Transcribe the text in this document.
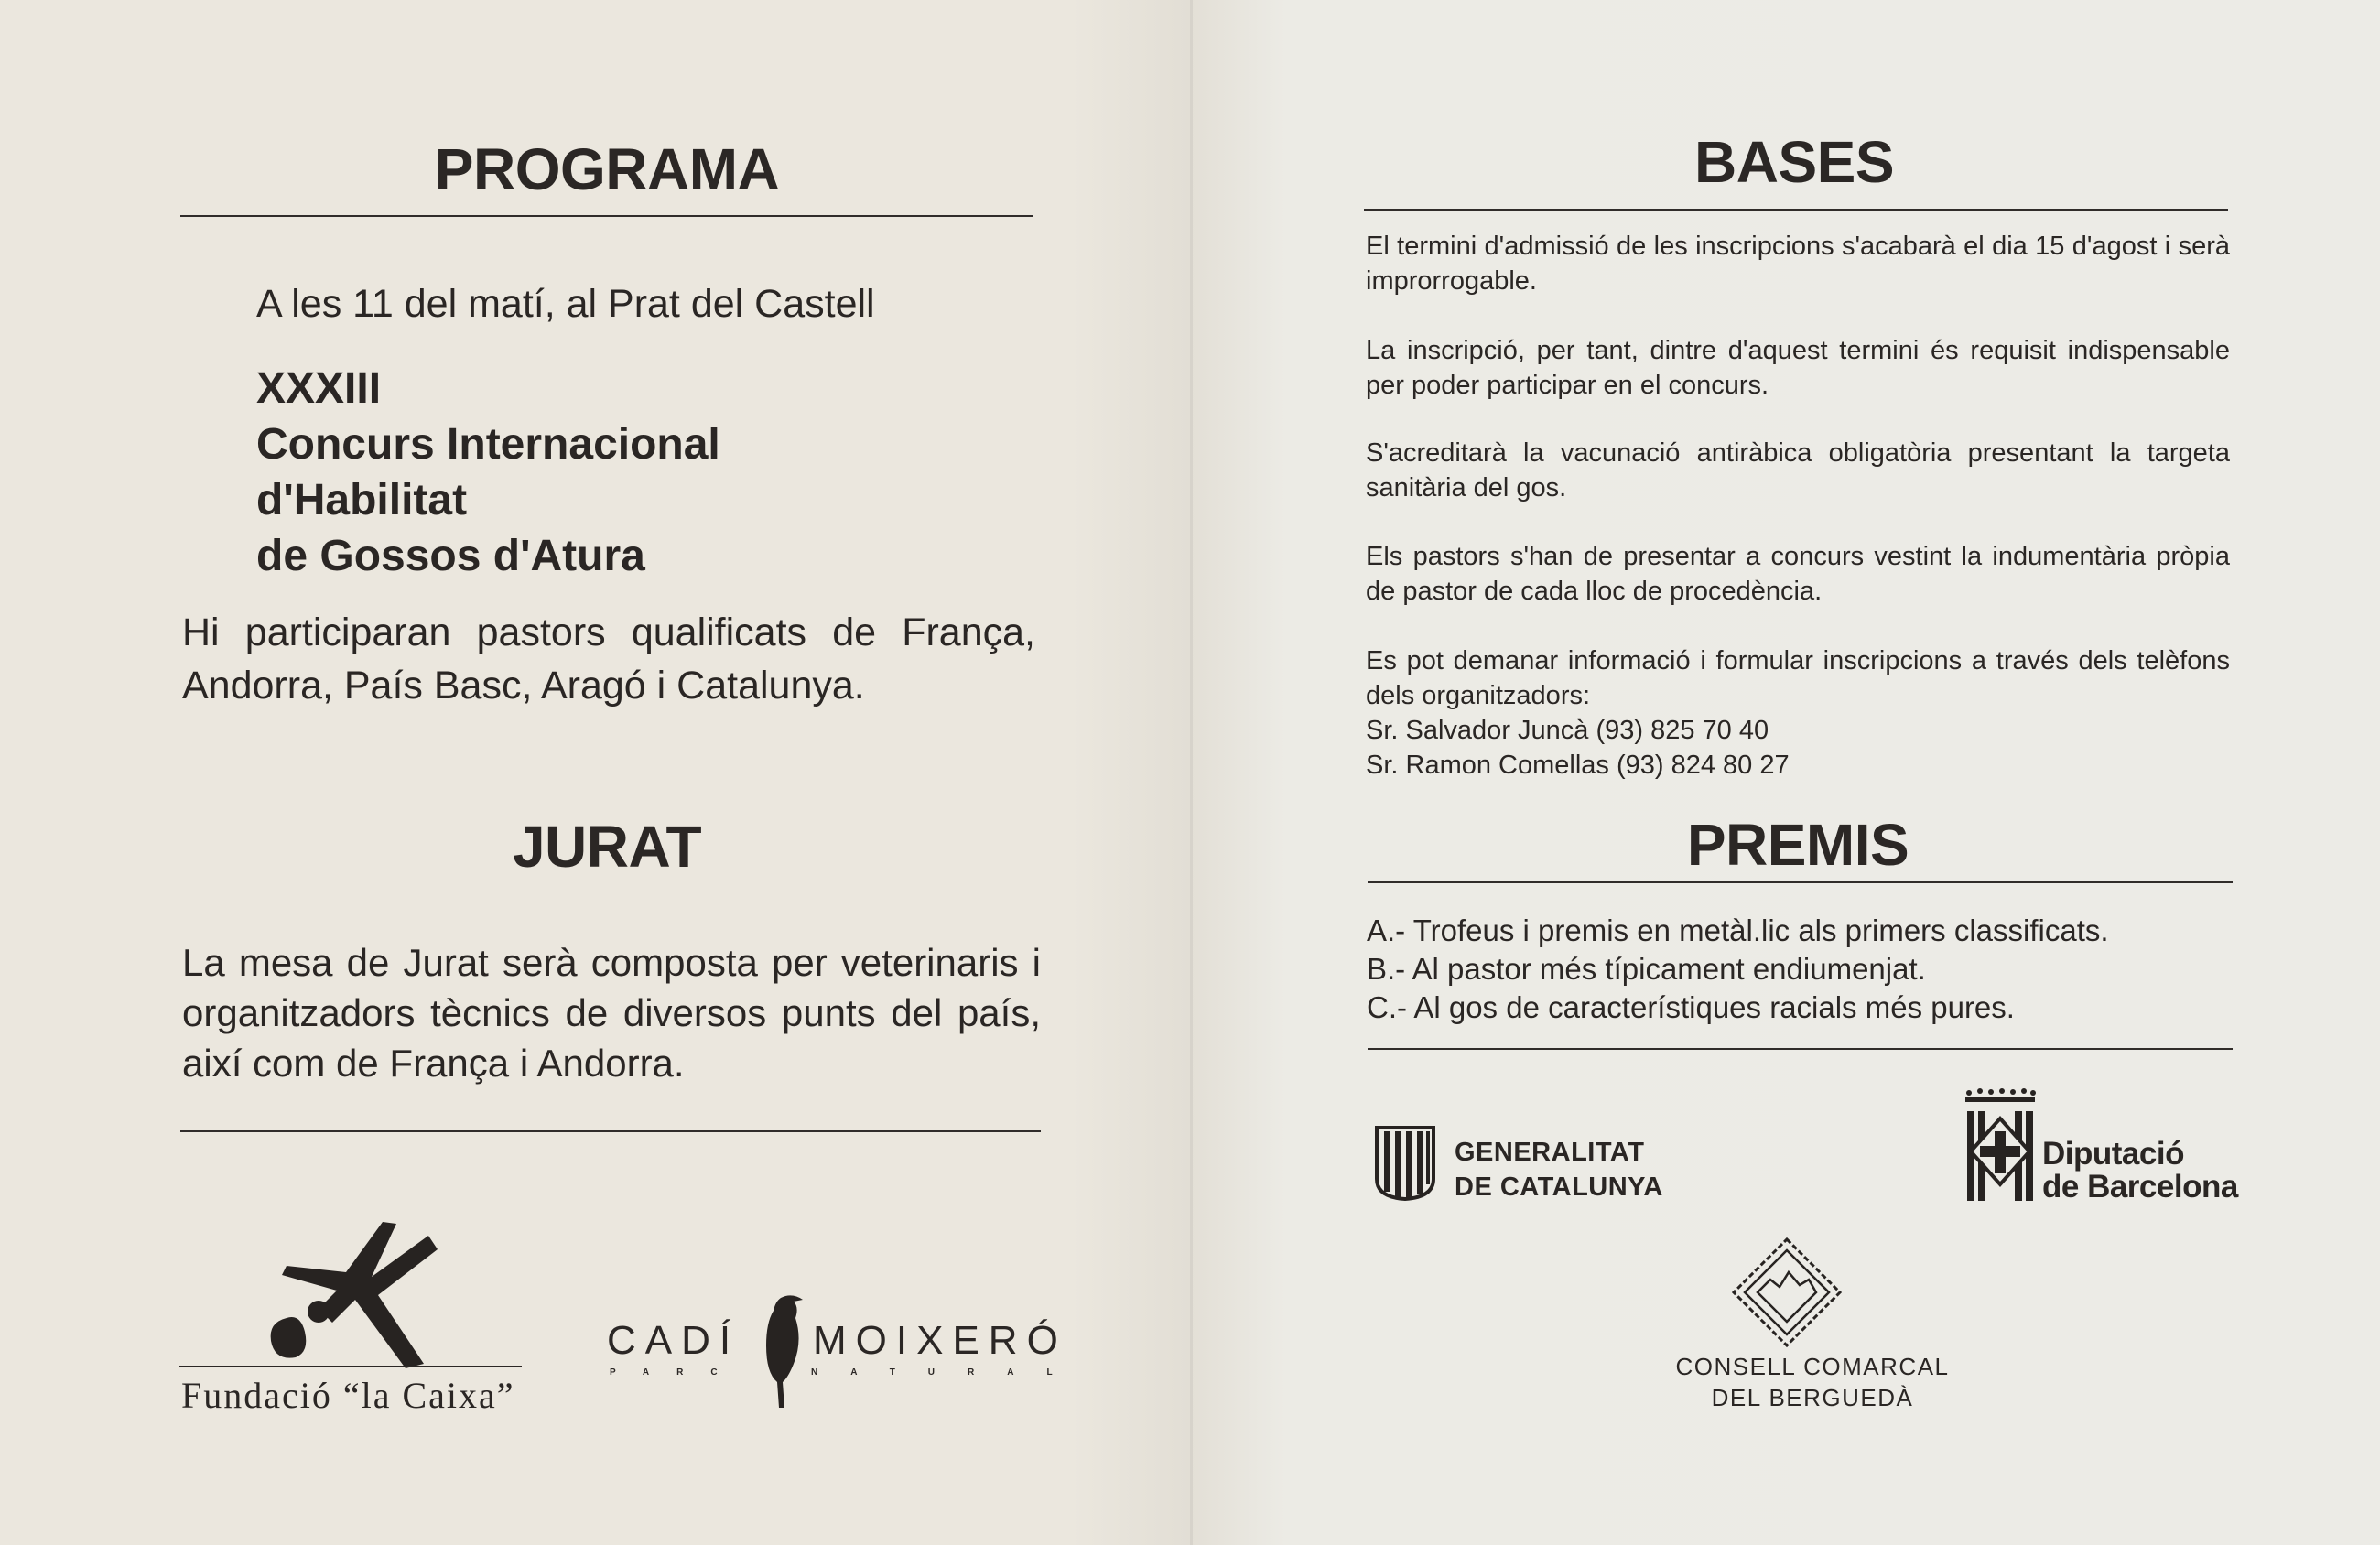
PROGRAMA

A les 11 del matí, al Prat del Castell

XXXIII
Concurs Internacional
d'Habilitat
de Gossos d'Atura

Hi participaran pastors qualificats de França, Andorra, País Basc, Aragó i Catalunya.

JURAT

La mesa de Jurat serà composta per veterinaris i organitzadors tècnics de diversos punts del país, així com de França i Andorra.

Fundació “la Caixa”
CADÍ MOIXERÓ
PARC	NATURAL
BASES

El termini d'admissió de les inscripcions s'acabarà el dia 15 d'agost i serà improrrogable.

La inscripció, per tant, dintre d'aquest termini és requisit indispensable per poder participar en el concurs.

S'acreditarà la vacunació antiràbica obligatòria presentant la targeta sanitària del gos.

Els pastors s'han de presentar a concurs vestint la indumentària pròpia de pastor de cada lloc de procedència.

Es pot demanar informació i formular inscripcions a través dels telèfons dels organitzadors:
Sr. Salvador Juncà (93) 825 70 40
Sr. Ramon Comellas (93) 824 80 27
PREMIS
A.- Trofeus i premis en metàl.lic als primers classificats.
B.- Al pastor més típicament endiumenjat.
C.- Al gos de característiques racials més pures.
GENERALITAT
DE CATALUNYA
Diputació
de Barcelona
CONSELL COMARCAL
DEL BERGUEDÀ
